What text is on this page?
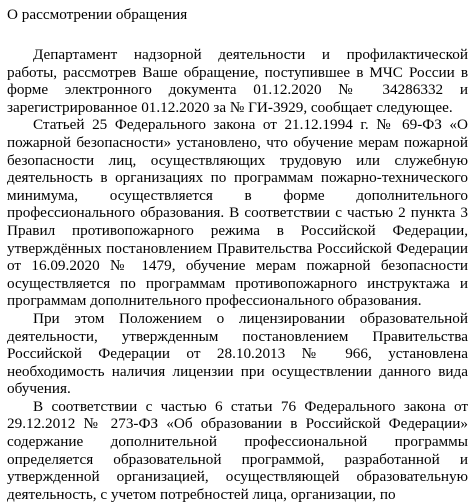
О рассмотрении обращения

Департамент надзорной деятельности и профилактической работы, рассмотрев Ваше обращение, поступившее в МЧС России в форме электронного документа 01.12.2020 № 34286332 и зарегистрированное 01.12.2020 за № ГИ-3929, сообщает следующее.

Статьей 25 Федерального закона от 21.12.1994 г. № 69-ФЗ «О пожарной безопасности» установлено, что обучение мерам пожарной безопасности лиц, осуществляющих трудовую или служебную деятельность в организациях по программам пожарно-технического минимума, осуществляется в форме дополнительного профессионального образования. В соответствии с частью 2 пункта 3 Правил противопожарного режима в Российской Федерации, утверждённых постановлением Правительства Российской Федерации от 16.09.2020 № 1479, обучение мерам пожарной безопасности осуществляется по программам противопожарного инструктажа и программам дополнительного профессионального образования.

При этом Положением о лицензировании образовательной деятельности, утвержденным постановлением Правительства Российской Федерации от 28.10.2013 № 966, установлена необходимость наличия лицензии при осуществлении данного вида обучения.

В соответствии с частью 6 статьи 76 Федерального закона от 29.12.2012 № 273-ФЗ «Об образовании в Российской Федерации» содержание дополнительной профессиональной программы определяется образовательной программой, разработанной и утвержденной организацией, осуществляющей образовательную деятельность, с учетом потребностей лица, организации, по
